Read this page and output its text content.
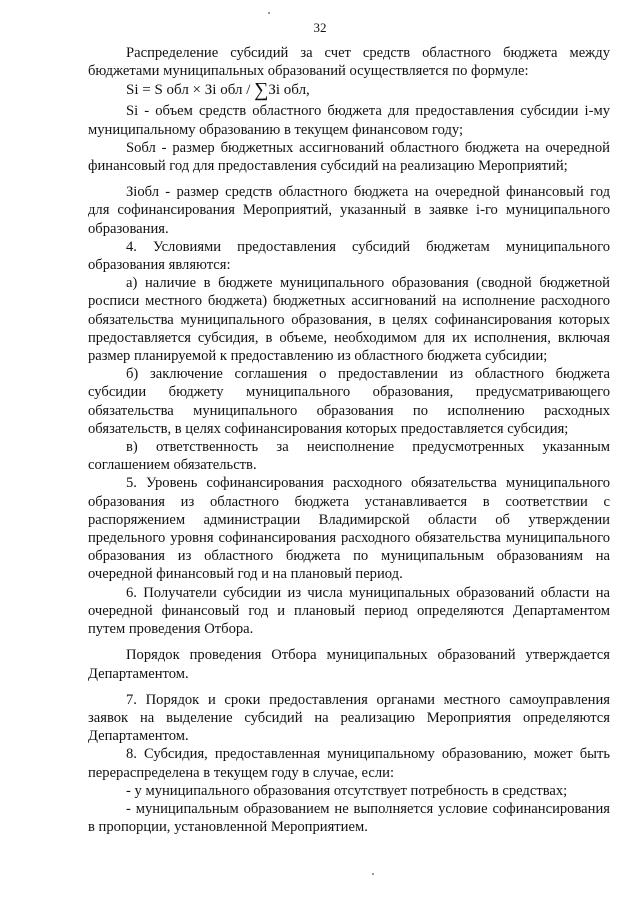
32

Распределение субсидий за счет средств областного бюджета между бюджетами муниципальных образований осуществляется по формуле:

Si = S обл × Зi обл / ∑Зi обл,

Si - объем средств областного бюджета для предоставления субсидии i-му муниципальному образованию в текущем финансовом году;

Sобл - размер бюджетных ассигнований областного бюджета на очередной финансовый год для предоставления субсидий на реализацию Мероприятий;

Зiобл - размер средств областного бюджета на очередной финансовый год для софинансирования Мероприятий, указанный в заявке i-го муниципального образования.

4. Условиями предоставления субсидий бюджетам муниципального образования являются:

а) наличие в бюджете муниципального образования (сводной бюджетной росписи местного бюджета) бюджетных ассигнований на исполнение расходного обязательства муниципального образования, в целях софинансирования которых предоставляется субсидия, в объеме, необходимом для их исполнения, включая размер планируемой к предоставлению из областного бюджета субсидии;

б) заключение соглашения о предоставлении из областного бюджета субсидии бюджету муниципального образования, предусматривающего обязательства муниципального образования по исполнению расходных обязательств, в целях софинансирования которых предоставляется субсидия;

в) ответственность за неисполнение предусмотренных указанным соглашением обязательств.

5. Уровень софинансирования расходного обязательства муниципального образования из областного бюджета устанавливается в соответствии с распоряжением администрации Владимирской области об утверждении предельного уровня софинансирования расходного обязательства муниципального образования из областного бюджета по муниципальным образованиям на очередной финансовый год и на плановый период.

6. Получатели субсидии из числа муниципальных образований области на очередной финансовый год и плановый период определяются Департаментом путем проведения Отбора.

Порядок проведения Отбора муниципальных образований утверждается Департаментом.

7. Порядок и сроки предоставления органами местного самоуправления заявок на выделение субсидий на реализацию Мероприятия определяются Департаментом.

8. Субсидия, предоставленная муниципальному образованию, может быть перераспределена в текущем году в случае, если:

- у муниципального образования отсутствует потребность в средствах;

- муниципальным образованием не выполняется условие софинансирования в пропорции, установленной Мероприятием.
